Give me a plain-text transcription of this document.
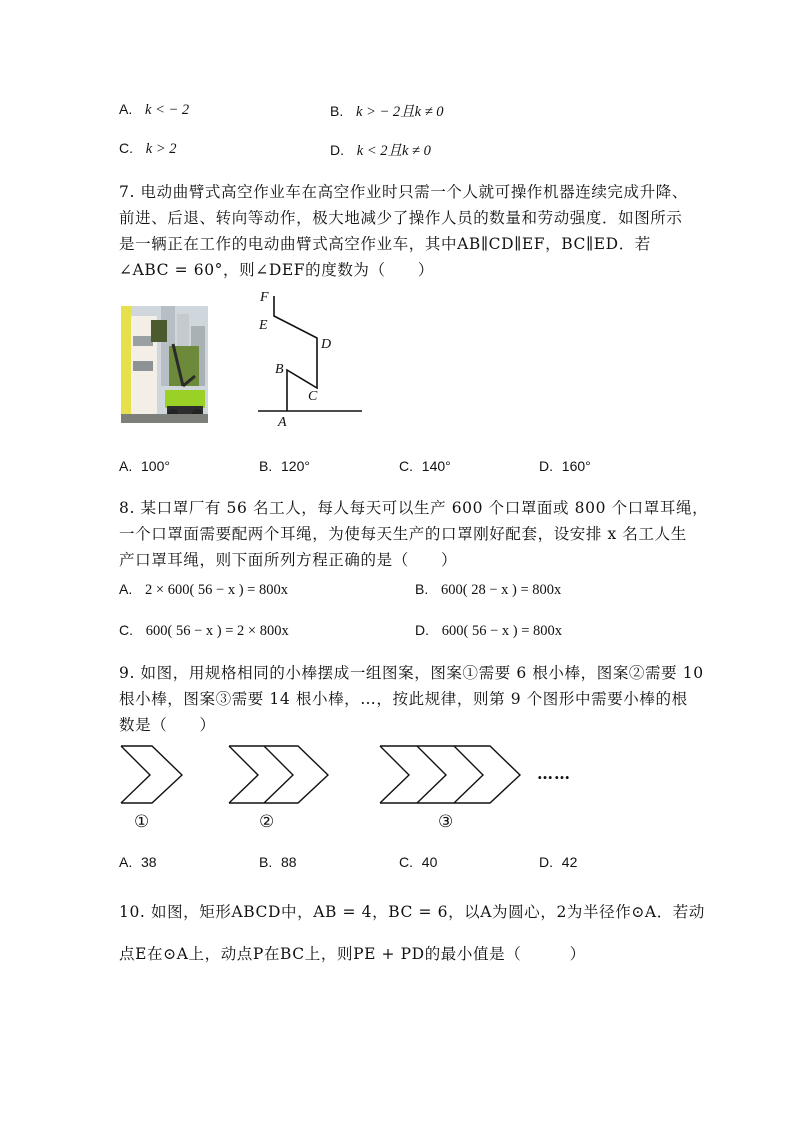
A. k < − 2	B. k > − 2且k ≠ 0
C. k > 2	D. k < 2且k ≠ 0
7. 电动曲臂式高空作业车在高空作业时只需一个人就可操作机器连续完成升降、
前进、后退、转向等动作，极大地减少了操作人员的数量和劳动强度．如图所示
是一辆正在工作的电动曲臂式高空作业车，其中AB∥CD∥EF，BC∥ED．若
∠ABC = 60°，则∠DEF的度数为（　　）
F
E
D
B
C
A
A. 100°	B. 120°	C. 140°	D. 160°
8. 某口罩厂有 56 名工人，每人每天可以生产 600 个口罩面或 800 个口罩耳绳，
一个口罩面需要配两个耳绳，为使每天生产的口罩刚好配套，设安排 x 名工人生
产口罩耳绳，则下面所列方程正确的是（　　）
A. 2 × 600( 56 − x ) = 800x	B. 600( 28 − x ) = 800x
C. 600( 56 − x ) = 2 × 800x	D. 600( 56 − x ) = 800x
9. 如图，用规格相同的小棒摆成一组图案，图案①需要 6 根小棒，图案②需要 10
根小棒，图案③需要 14 根小棒，…，按此规律，则第 9 个图形中需要小棒的根
数是（　　）
……
①	②	③
A. 38	B. 88	C. 40	D. 42
10. 如图，矩形ABCD中，AB = 4，BC = 6，以A为圆心，2为半径作⊙A．若动
点E在⊙A上，动点P在BC上，则PE + PD的最小值是（　　　）
